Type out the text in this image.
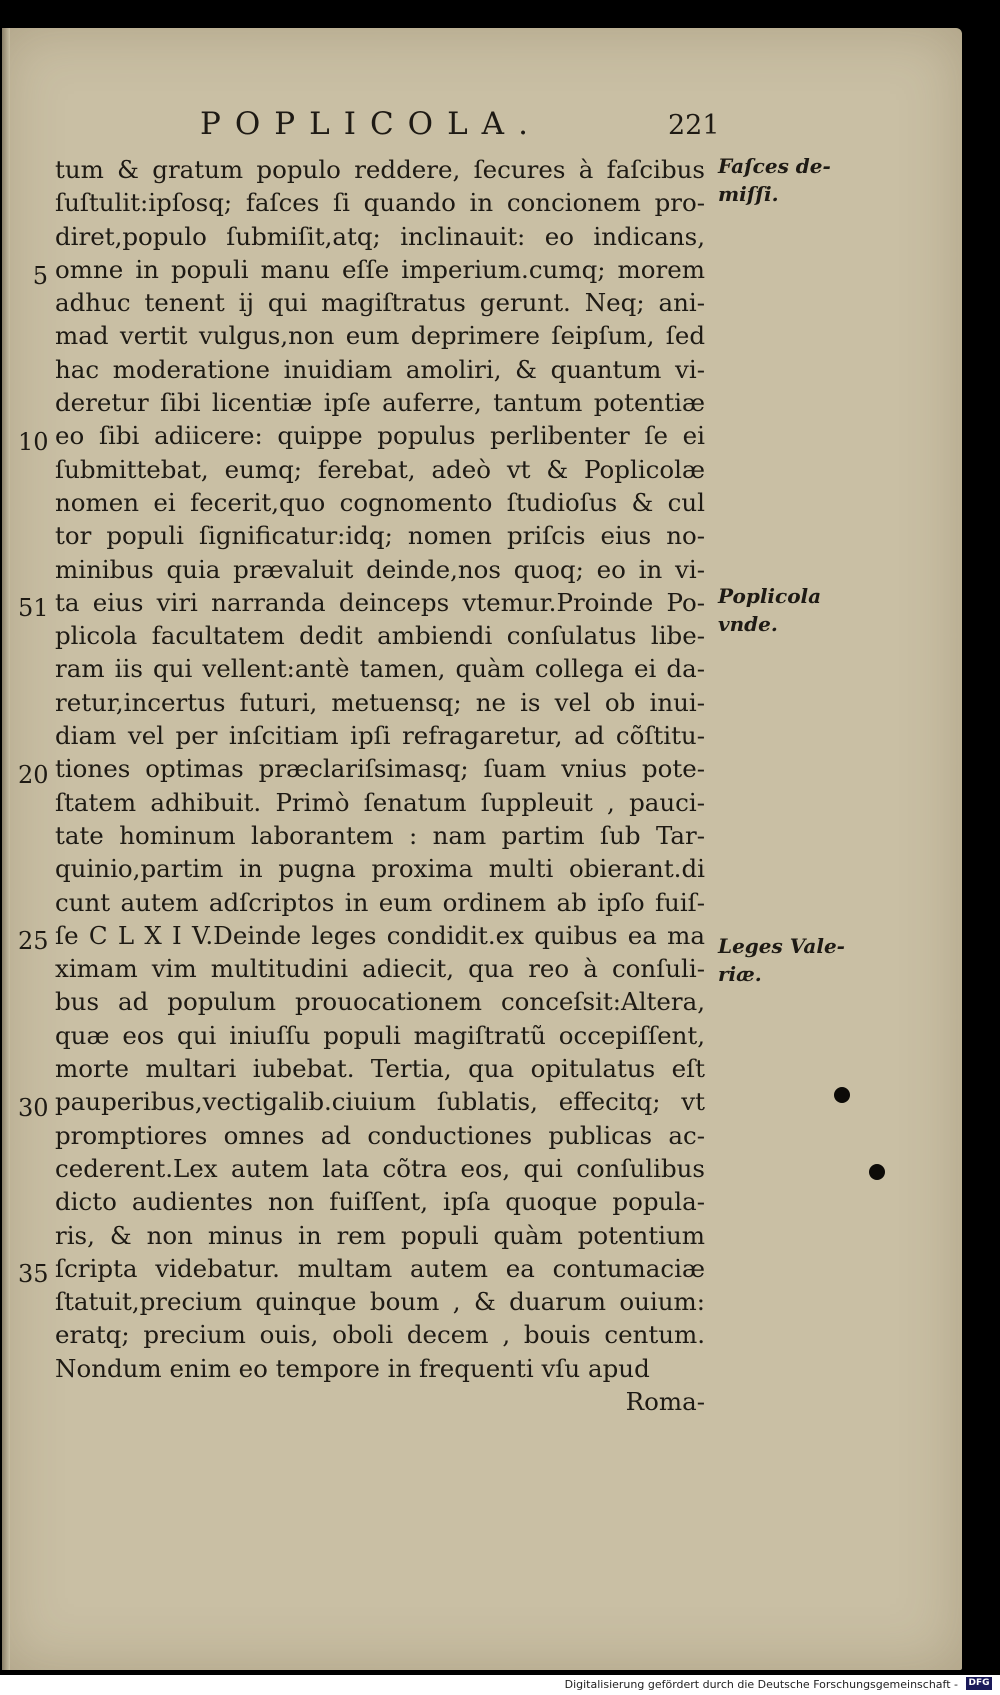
POPLICOLA.	221
tum & gratum populo reddere, ſecures à faſcibus
ſuſtulit:ipſosq; faſces ſi quando in concionem pro-
diret,populo ſubmiſit,atq; inclinauit: eo indicans,
omne in populi manu eſſe imperium.cumq; morem
adhuc tenent ij qui magiſtratus gerunt. Neq; ani-
mad vertit vulgus,non eum deprimere ſeipſum, ſed
hac moderatione inuidiam amoliri, & quantum vi-
deretur ſibi licentiæ ipſe auferre, tantum potentiæ
eo ſibi adiicere: quippe populus perlibenter ſe ei
ſubmittebat, eumq; ferebat, adeò vt & Poplicolæ
nomen ei fecerit,quo cognomento ſtudioſus & cul
tor populi ſignificatur:idq; nomen priſcis eius no-
minibus quia prævaluit deinde,nos quoq; eo in vi-
ta eius viri narranda deinceps vtemur.Proinde Po-
plicola facultatem dedit ambiendi conſulatus libe-
ram iis qui vellent:antè tamen, quàm collega ei da-
retur,incertus futuri, metuensq; ne is vel ob inui-
diam vel per inſcitiam ipſi refragaretur, ad cõſtitu-
tiones optimas præclariſsimasq; ſuam vnius pote-
ſtatem adhibuit. Primò ſenatum ſuppleuit , pauci-
tate hominum laborantem : nam partim ſub Tar-
quinio,partim in pugna proxima multi obierant.di
cunt autem adſcriptos in eum ordinem ab ipſo fuiſ-
ſe C L X I V.Deinde leges condidit.ex quibus ea ma
ximam vim multitudini adiecit, qua reo à conſuli-
bus ad populum prouocationem conceſsit:Altera,
quæ eos qui iniuſſu populi magiſtratũ occepiſſent,
morte multari iubebat. Tertia, qua opitulatus eſt
pauperibus,vectigalib.ciuium ſublatis, effecitq; vt
promptiores omnes ad conductiones publicas ac-
cederent.Lex autem lata cõtra eos, qui conſulibus
dicto audientes non fuiſſent, ipſa quoque popula-
ris, & non minus in rem populi quàm potentium
ſcripta videbatur. multam autem ea contumaciæ
ſtatuit,precium quinque boum , & duarum ouium:
eratq; precium ouis, oboli decem , bouis centum.
Nondum enim eo tempore in frequenti vſu apud
Roma-
5
10
51
20
25
30
35
Faſces de-
miſſi.
Poplicola
vnde.
Leges Vale-
riæ.
Digitalisierung gefördert durch die Deutsche Forschungsgemeinschaft - DFG
